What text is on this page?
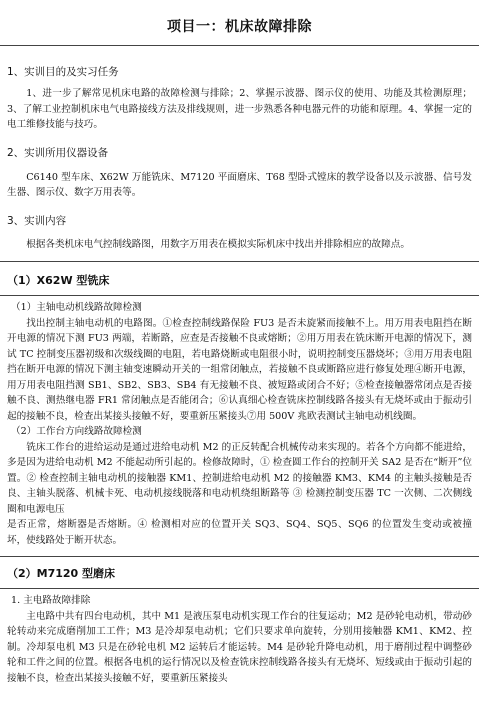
项目一：机床故障排除
1、实训目的及实习任务

1、进一步了解常见机床电路的故障检测与排除；2、掌握示波器、图示仪的使用、功能及其检测原理；3、了解工业控制机床电气电路接线方法及排线规则，进一步熟悉各种电器元件的功能和原理。4、掌握一定的电工维修技能与技巧。

2、实训所用仪器设备

C6140 型车床、X62W 万能铣床、M7120 平面磨床、T68 型卧式镗床的教学设备以及示波器、信号发生器、图示仪、数字万用表等。

3、实训内容

根据各类机床电气控制线路图，用数字万用表在模拟实际机床中找出并排除相应的故障点。

（1）X62W 型铣床
（1）主轴电动机线路故障检测

找出控制主轴电动机的电路图。①检查控制线路保险 FU3 是否未旋紧而接触不上。用万用表电阻挡在断开电源的情况下测 FU3 两端，若断路，应查是否接触不良或熔断；②用万用表在铣床断开电源的情况下，测试 TC 控制变压器初级和次级线圈的电阻，若电路烧断或电阻很小时，说明控制变压器烧坏；③用万用表电阻挡在断开电源的情况下测主轴变速瞬动开关的一组常闭触点，若接触不良或断路应进行修复处理④断开电源，用万用表电阻挡测 SB1、SB2、SB3、SB4 有无接触不良、被短路或闭合不好；⑤检查接触器常闭点是否接触不良、测热继电器 FR1 常闭触点是否能闭合；⑥认真细心检查铣床控制线路各接头有无烧坏或由于振动引起的接触不良，检查出某接头接触不好，要重新压紧接头⑦用 500V 兆欧表测试主轴电动机线圈。

（2）工作台方向线路故障检测

铣床工作台的进给运动是通过进给电动机 M2 的正反转配合机械传动来实现的。若各个方向都不能进给，多是因为进给电动机 M2 不能起动所引起的。检修故障时，① 检查圆工作台的控制开关 SA2 是否在“断开”位置。② 检查控制主轴电动机的接触器 KM1、控制进给电动机 M2 的接触器 KM3、KM4 的主触头接触是否良、主轴头脱落、机械卡死、电动机接线脱落和电动机绕组断路等 ③ 检测控制变压器 TC 一次侧、二次侧线圈和电源电压

是否正常，熔断器是否熔断。④ 检测相对应的位置开关 SQ3、SQ4、SQ5、SQ6 的位置发生变动或被撞坏，使线路处于断开状态。

（2）M7120 型磨床
1. 主电路故障排除

主电路中共有四台电动机，其中 M1 是液压泵电动机实现工作台的往复运动；M2 是砂轮电动机，带动砂轮转动来完成磨削加工工件；M3 是冷却泵电动机；它们只要求单向旋转，分别用接触器 KM1、KM2、控制。冷却泵电机 M3 只是在砂轮电机 M2 运转后才能运转。M4 是砂轮升降电动机，用于磨削过程中调整砂轮和工件之间的位置。根据各电机的运行情况以及检查铣床控制线路各接头有无烧坏、短线或由于振动引起的接触不良，检查出某接头接触不好，要重新压紧接头
